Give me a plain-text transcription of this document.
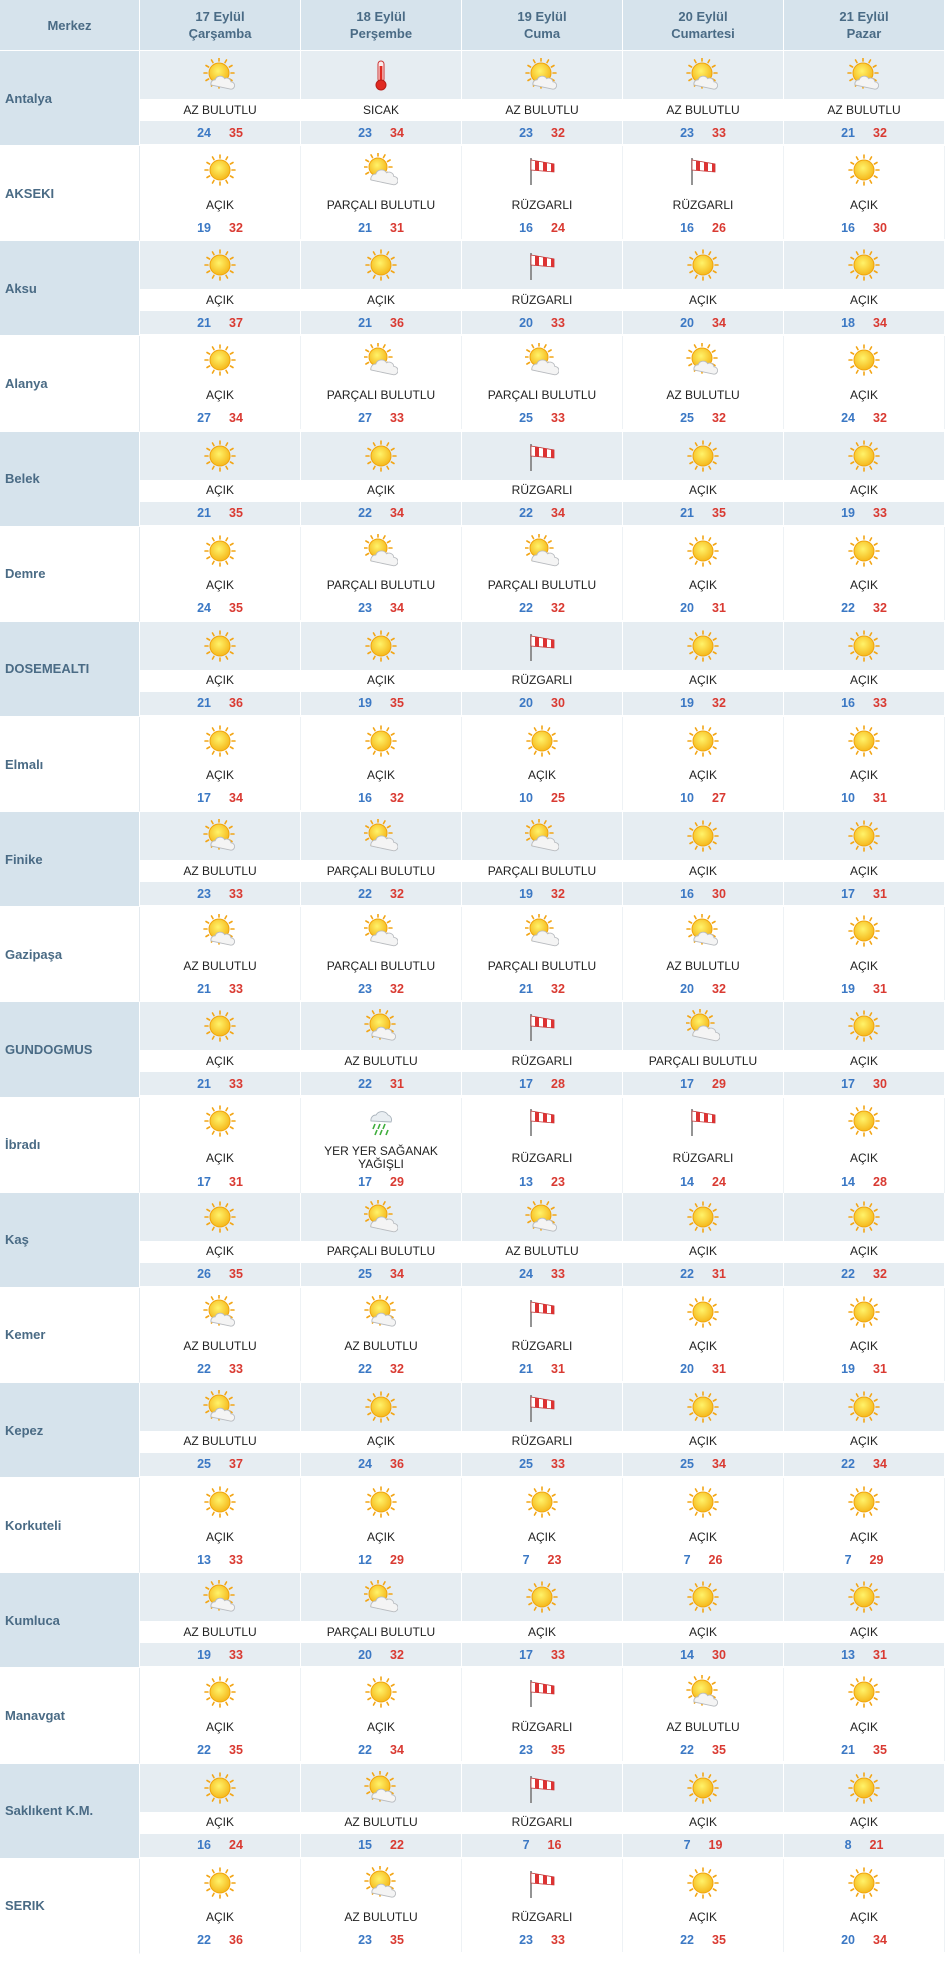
Merkez
17 Eylül
Çarşamba
18 Eylül
Perşembe
19 Eylül
Cuma
20 Eylül
Cumartesi
21 Eylül
Pazar
Antalya
AZ BULUTLU	SICAK	AZ BULUTLU	AZ BULUTLU	AZ BULUTLU
24 35	23 34	23 32	23 33	21 32
AKSEKI
AÇIK	PARÇALI BULUTLU	RÜZGARLI	RÜZGARLI	AÇIK
19 32	21 31	16 24	16 26	16 30
Aksu
AÇIK	AÇIK	RÜZGARLI	AÇIK	AÇIK
21 37	21 36	20 33	20 34	18 34
Alanya
AÇIK	PARÇALI BULUTLU	PARÇALI BULUTLU	AZ BULUTLU	AÇIK
27 34	27 33	25 33	25 32	24 32
Belek
AÇIK	AÇIK	RÜZGARLI	AÇIK	AÇIK
21 35	22 34	22 34	21 35	19 33
Demre
AÇIK	PARÇALI BULUTLU	PARÇALI BULUTLU	AÇIK	AÇIK
24 35	23 34	22 32	20 31	22 32
DOSEMEALTI
AÇIK	AÇIK	RÜZGARLI	AÇIK	AÇIK
21 36	19 35	20 30	19 32	16 33
Elmalı
AÇIK	AÇIK	AÇIK	AÇIK	AÇIK
17 34	16 32	10 25	10 27	10 31
Finike
AZ BULUTLU	PARÇALI BULUTLU	PARÇALI BULUTLU	AÇIK	AÇIK
23 33	22 32	19 32	16 30	17 31
Gazipaşa
AZ BULUTLU	PARÇALI BULUTLU	PARÇALI BULUTLU	AZ BULUTLU	AÇIK
21 33	23 32	21 32	20 32	19 31
GUNDOGMUS
AÇIK	AZ BULUTLU	RÜZGARLI	PARÇALI BULUTLU	AÇIK
21 33	22 31	17 28	17 29	17 30
İbradı
AÇIK	YER YER SAĞANAK YAĞIŞLI	RÜZGARLI	RÜZGARLI	AÇIK
17 31	17 29	13 23	14 24	14 28
Kaş
AÇIK	PARÇALI BULUTLU	AZ BULUTLU	AÇIK	AÇIK
26 35	25 34	24 33	22 31	22 32
Kemer
AZ BULUTLU	AZ BULUTLU	RÜZGARLI	AÇIK	AÇIK
22 33	22 32	21 31	20 31	19 31
Kepez
AZ BULUTLU	AÇIK	RÜZGARLI	AÇIK	AÇIK
25 37	24 36	25 33	25 34	22 34
Korkuteli
AÇIK	AÇIK	AÇIK	AÇIK	AÇIK
13 33	12 29	7 23	7 26	7 29
Kumluca
AZ BULUTLU	PARÇALI BULUTLU	AÇIK	AÇIK	AÇIK
19 33	20 32	17 33	14 30	13 31
Manavgat
AÇIK	AÇIK	RÜZGARLI	AZ BULUTLU	AÇIK
22 35	22 34	23 35	22 35	21 35
Saklıkent K.M.
AÇIK	AZ BULUTLU	RÜZGARLI	AÇIK	AÇIK
16 24	15 22	7 16	7 19	8 21
SERIK
AÇIK	AZ BULUTLU	RÜZGARLI	AÇIK	AÇIK
22 36	23 35	23 33	22 35	20 34
